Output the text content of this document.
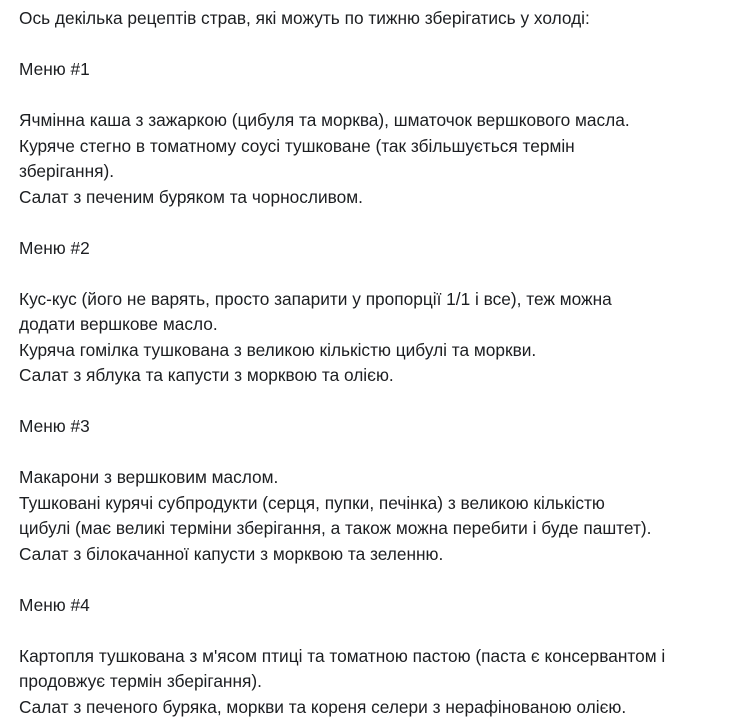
Ось декілька рецептів страв, які можуть по тижню зберігатись у холоді:

Меню #1

Ячмінна каша з зажаркою (цибуля та морква), шматочок вершкового масла.

Куряче стегно в томатному соусі тушковане (так збільшується термін

зберігання).

Салат з печеним буряком та чорносливом.

Меню #2

Кус-кус (його не варять, просто запарити у пропорції 1/1 і все), теж можна

додати вершкове масло.

Куряча гомілка тушкована з великою кількістю цибулі та моркви.

Салат з яблука та капусти з морквою та олією.

Меню #3

Макарони з вершковим маслом.

Тушковані курячі субпродукти (серця, пупки, печінка) з великою кількістю

цибулі (має великі терміни зберігання, а також можна перебити і буде паштет).

Салат з білокачанної капусти з морквою та зеленню.

Меню #4

Картопля тушкована з м'ясом птиці та томатною пастою (паста є консервантом і

продовжує термін зберігання).

Салат з печеного буряка, моркви та кореня селери з нерафінованою олією.
